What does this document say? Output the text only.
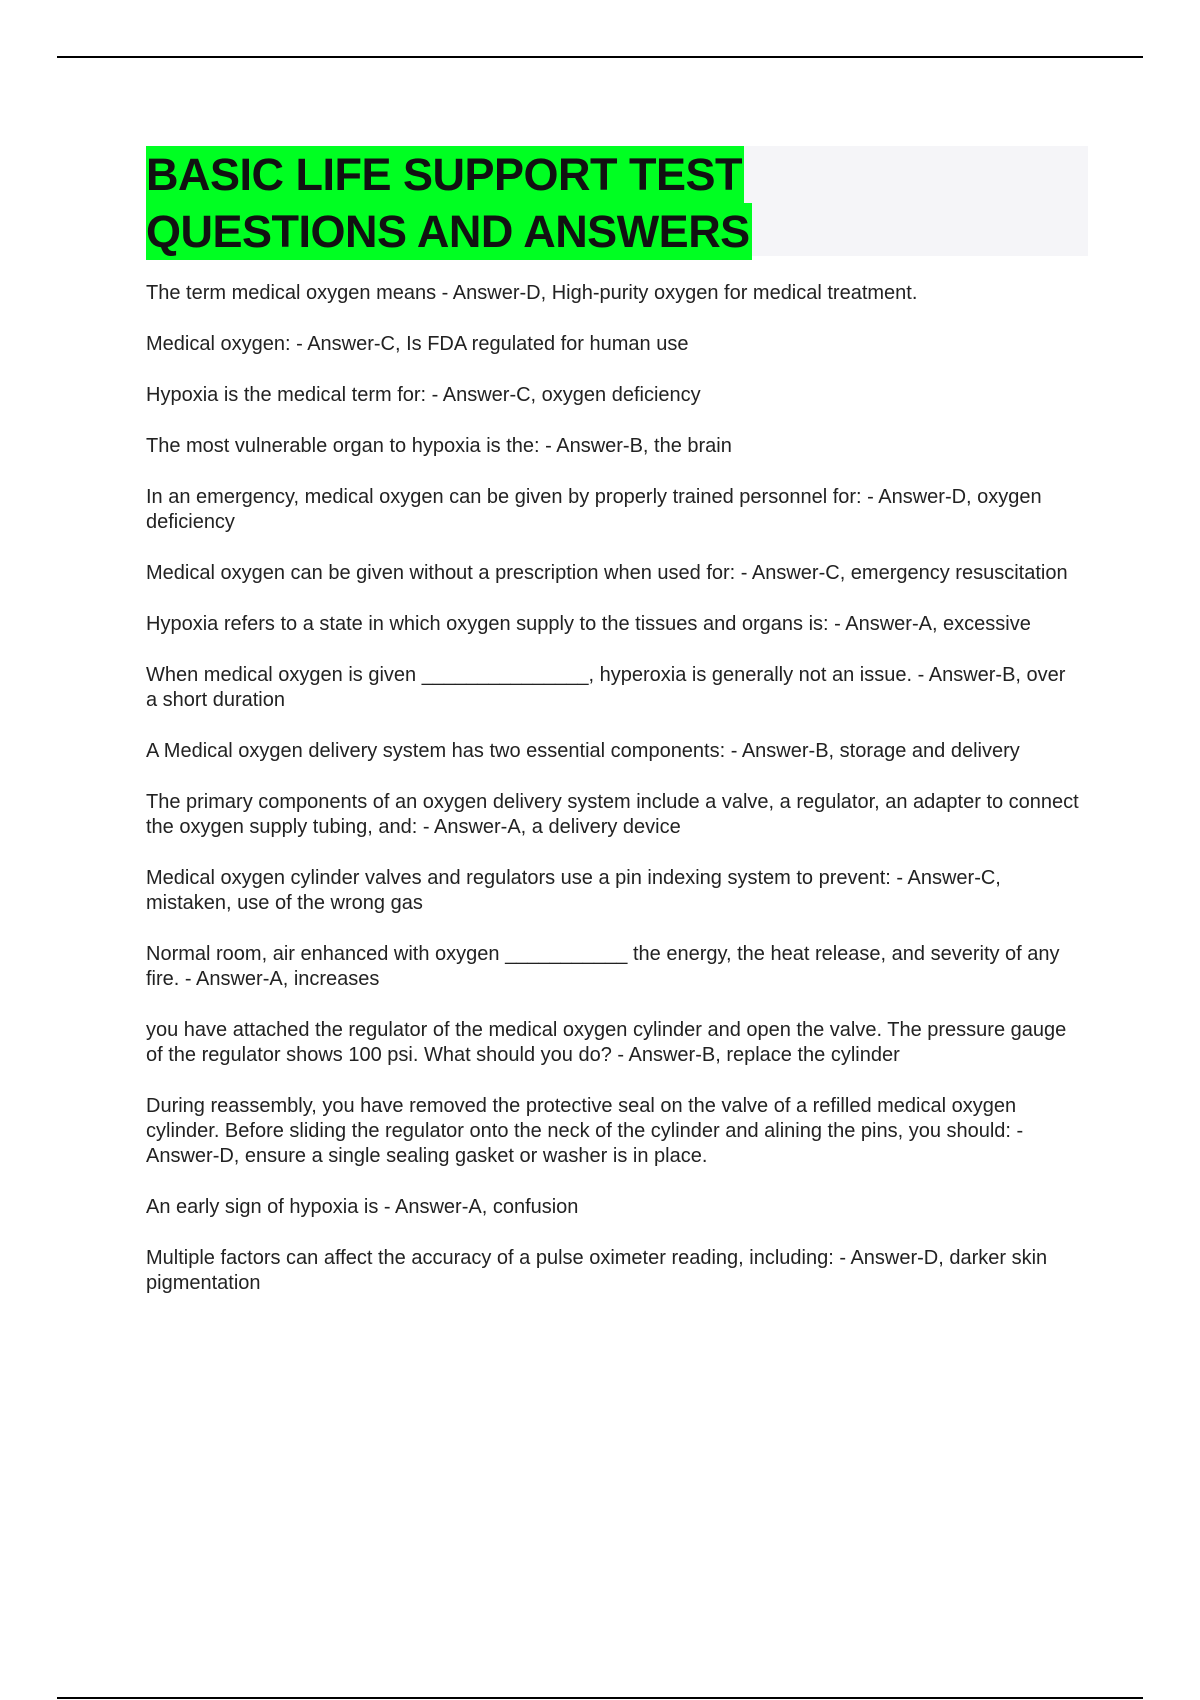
BASIC LIFE SUPPORT TEST
QUESTIONS AND ANSWERS
The term medical oxygen means - Answer-D, High-purity oxygen for medical treatment.
Medical oxygen: - Answer-C, Is FDA regulated for human use
Hypoxia is the medical term for: - Answer-C, oxygen deficiency
The most vulnerable organ to hypoxia is the: - Answer-B, the brain
In an emergency, medical oxygen can be given by properly trained personnel for: - Answer-D, oxygen deficiency
Medical oxygen can be given without a prescription when used for: - Answer-C, emergency resuscitation
Hypoxia refers to a state in which oxygen supply to the tissues and organs is: - Answer-A, excessive
When medical oxygen is given _______________, hyperoxia is generally not an issue. - Answer-B, over a short duration
A Medical oxygen delivery system has two essential components: - Answer-B, storage and delivery
The primary components of an oxygen delivery system include a valve, a regulator, an adapter to connect the oxygen supply tubing, and: - Answer-A, a delivery device
Medical oxygen cylinder valves and regulators use a pin indexing system to prevent: - Answer-C, mistaken, use of the wrong gas
Normal room, air enhanced with oxygen ___________ the energy, the heat release, and severity of any fire. - Answer-A, increases
you have attached the regulator of the medical oxygen cylinder and open the valve. The pressure gauge of the regulator shows 100 psi. What should you do? - Answer-B, replace the cylinder
During reassembly, you have removed the protective seal on the valve of a refilled medical oxygen cylinder. Before sliding the regulator onto the neck of the cylinder and alining the pins, you should: - Answer-D, ensure a single sealing gasket or washer is in place.
An early sign of hypoxia is - Answer-A, confusion
Multiple factors can affect the accuracy of a pulse oximeter reading, including: - Answer-D, darker skin pigmentation
